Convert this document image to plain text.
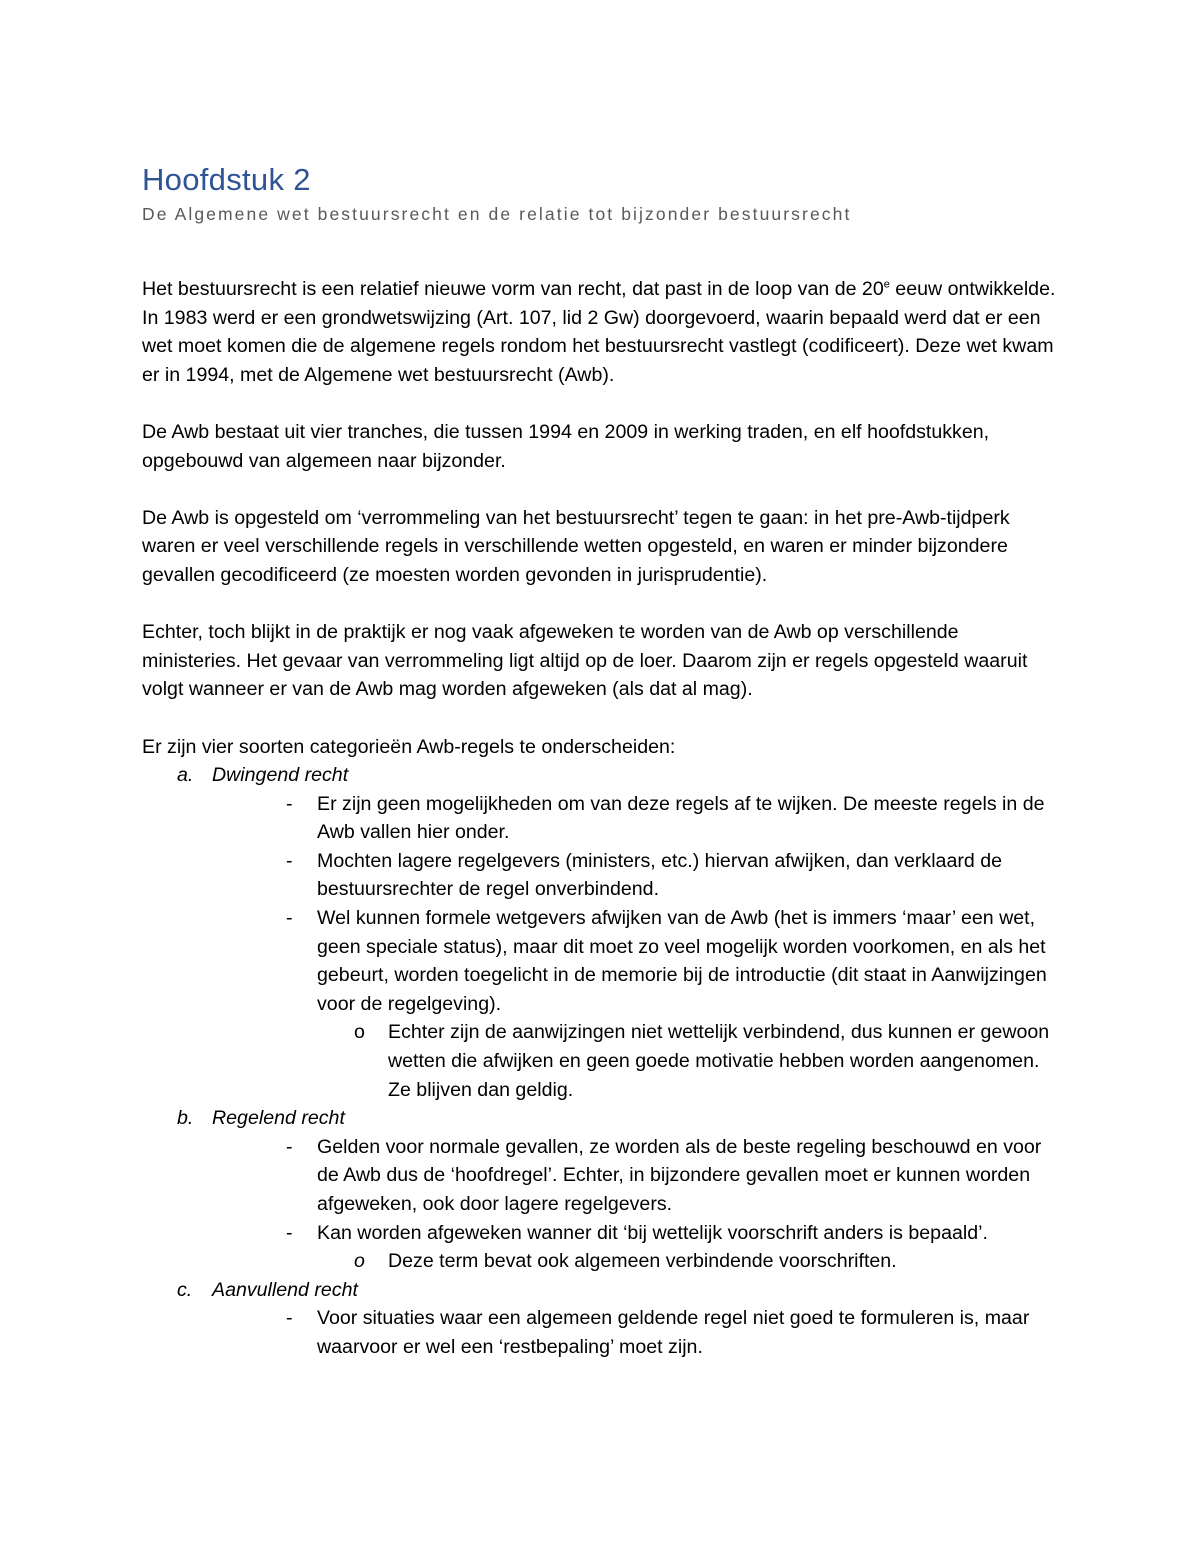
Hoofdstuk 2
De Algemene wet bestuursrecht en de relatie tot bijzonder bestuursrecht

Het bestuursrecht is een relatief nieuwe vorm van recht, dat past in de loop van de 20e eeuw ontwikkelde. In 1983 werd er een grondwetswijzing (Art. 107, lid 2 Gw) doorgevoerd, waarin bepaald werd dat er een wet moet komen die de algemene regels rondom het bestuursrecht vastlegt (codificeert). Deze wet kwam er in 1994, met de Algemene wet bestuursrecht (Awb).

De Awb bestaat uit vier tranches, die tussen 1994 en 2009 in werking traden, en elf hoofdstukken, opgebouwd van algemeen naar bijzonder.

De Awb is opgesteld om ‘verrommeling van het bestuursrecht’ tegen te gaan: in het pre-Awb-tijdperk waren er veel verschillende regels in verschillende wetten opgesteld, en waren er minder bijzondere gevallen gecodificeerd (ze moesten worden gevonden in jurisprudentie).

Echter, toch blijkt in de praktijk er nog vaak afgeweken te worden van de Awb op verschillende ministeries. Het gevaar van verrommeling ligt altijd op de loer. Daarom zijn er regels opgesteld waaruit volgt wanneer er van de Awb mag worden afgeweken (als dat al mag).

Er zijn vier soorten categorieën Awb-regels te onderscheiden:

a. Dwingend recht
- Er zijn geen mogelijkheden om van deze regels af te wijken. De meeste regels in de Awb vallen hier onder.
- Mochten lagere regelgevers (ministers, etc.) hiervan afwijken, dan verklaard de bestuursrechter de regel onverbindend.
- Wel kunnen formele wetgevers afwijken van de Awb (het is immers ‘maar’ een wet, geen speciale status), maar dit moet zo veel mogelijk worden voorkomen, en als het gebeurt, worden toegelicht in de memorie bij de introductie (dit staat in Aanwijzingen voor de regelgeving).
o Echter zijn de aanwijzingen niet wettelijk verbindend, dus kunnen er gewoon wetten die afwijken en geen goede motivatie hebben worden aangenomen. Ze blijven dan geldig.
b. Regelend recht
- Gelden voor normale gevallen, ze worden als de beste regeling beschouwd en voor de Awb dus de ‘hoofdregel’. Echter, in bijzondere gevallen moet er kunnen worden afgeweken, ook door lagere regelgevers.
- Kan worden afgeweken wanner dit ‘bij wettelijk voorschrift anders is bepaald’.
o Deze term bevat ook algemeen verbindende voorschriften.
c. Aanvullend recht
- Voor situaties waar een algemeen geldende regel niet goed te formuleren is, maar waarvoor er wel een ‘restbepaling’ moet zijn.
